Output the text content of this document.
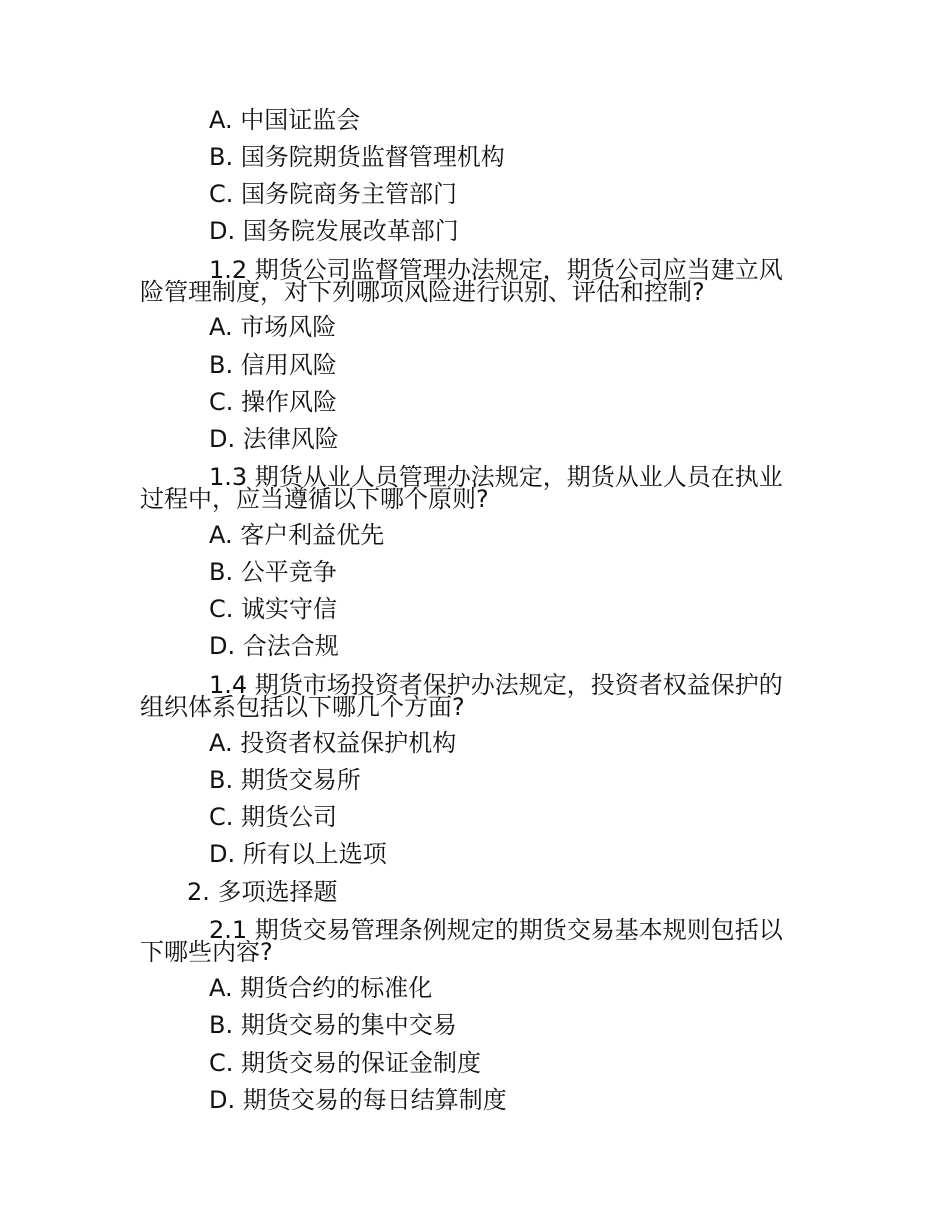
A. 中国证监会
B. 国务院期货监督管理机构
C. 国务院商务主管部门
D. 国务院发展改革部门
1.2 期货公司监督管理办法规定，期货公司应当建立风险管理制度，对下列哪项风险进行识别、评估和控制?
A. 市场风险
B. 信用风险
C. 操作风险
D. 法律风险
1.3 期货从业人员管理办法规定，期货从业人员在执业过程中，应当遵循以下哪个原则?
A. 客户利益优先
B. 公平竞争
C. 诚实守信
D. 合法合规
1.4 期货市场投资者保护办法规定，投资者权益保护的组织体系包括以下哪几个方面?
A. 投资者权益保护机构
B. 期货交易所
C. 期货公司
D. 所有以上选项
2. 多项选择题
2.1 期货交易管理条例规定的期货交易基本规则包括以下哪些内容?
A. 期货合约的标准化
B. 期货交易的集中交易
C. 期货交易的保证金制度
D. 期货交易的每日结算制度
